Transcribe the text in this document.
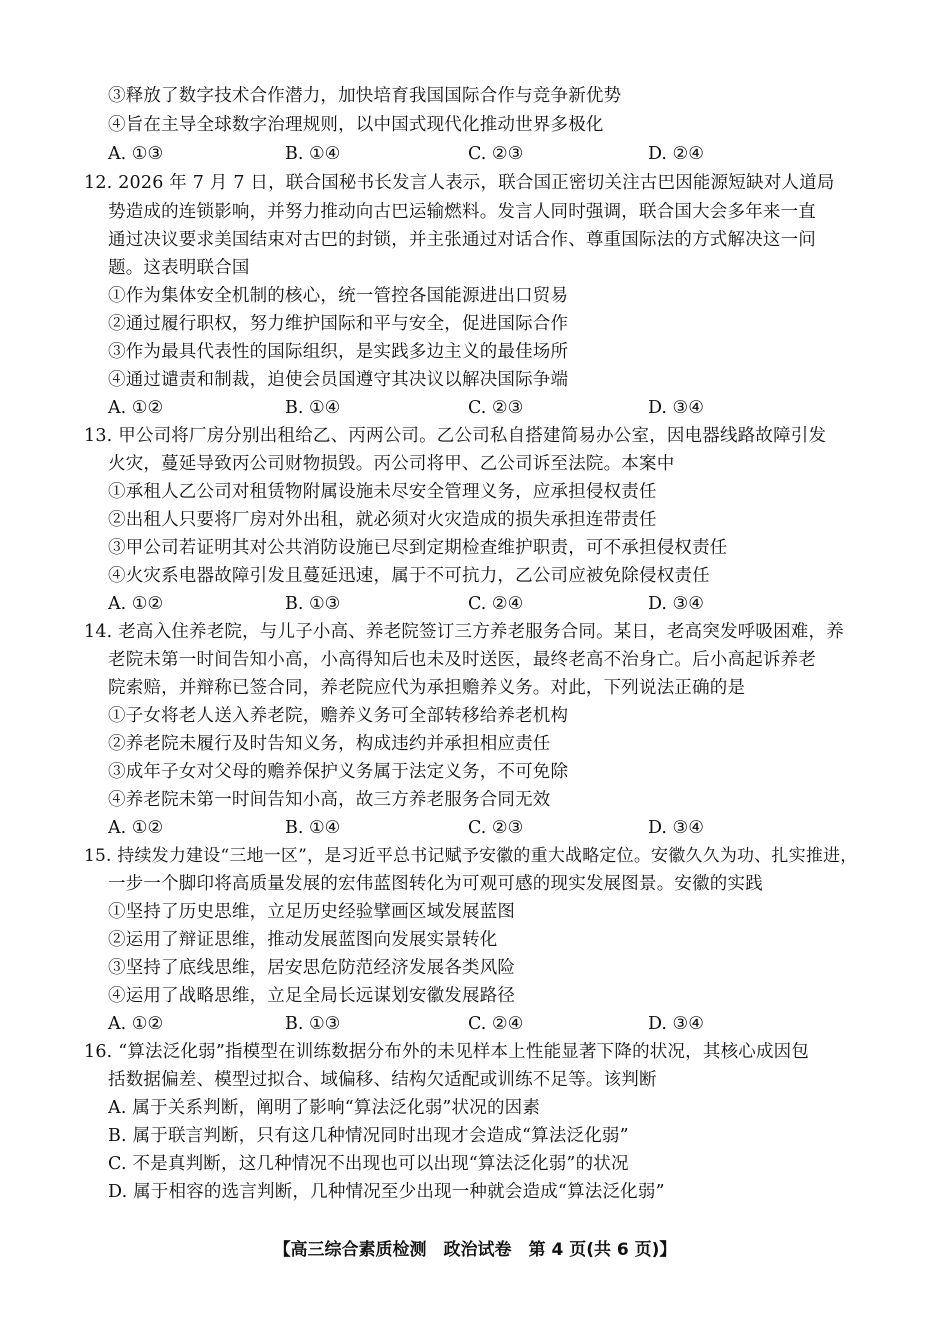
③释放了数字技术合作潜力，加快培育我国国际合作与竞争新优势
④旨在主导全球数字治理规则，以中国式现代化推动世界多极化
A. ①③	B. ①④	C. ②③	D. ②④
12. 2026 年 7 月 7 日，联合国秘书长发言人表示，联合国正密切关注古巴因能源短缺对人道局
势造成的连锁影响，并努力推动向古巴运输燃料。发言人同时强调，联合国大会多年来一直
通过决议要求美国结束对古巴的封锁，并主张通过对话合作、尊重国际法的方式解决这一问
题。这表明联合国
①作为集体安全机制的核心，统一管控各国能源进出口贸易
②通过履行职权，努力维护国际和平与安全，促进国际合作
③作为最具代表性的国际组织，是实践多边主义的最佳场所
④通过谴责和制裁，迫使会员国遵守其决议以解决国际争端
A. ①②	B. ①④	C. ②③	D. ③④
13. 甲公司将厂房分别出租给乙、丙两公司。乙公司私自搭建简易办公室，因电器线路故障引发
火灾，蔓延导致丙公司财物损毁。丙公司将甲、乙公司诉至法院。本案中
①承租人乙公司对租赁物附属设施未尽安全管理义务，应承担侵权责任
②出租人只要将厂房对外出租，就必须对火灾造成的损失承担连带责任
③甲公司若证明其对公共消防设施已尽到定期检查维护职责，可不承担侵权责任
④火灾系电器故障引发且蔓延迅速，属于不可抗力，乙公司应被免除侵权责任
A. ①②	B. ①③	C. ②④	D. ③④
14. 老高入住养老院，与儿子小高、养老院签订三方养老服务合同。某日，老高突发呼吸困难，养
老院未第一时间告知小高，小高得知后也未及时送医，最终老高不治身亡。后小高起诉养老
院索赔，并辩称已签合同，养老院应代为承担赡养义务。对此，下列说法正确的是
①子女将老人送入养老院，赡养义务可全部转移给养老机构
②养老院未履行及时告知义务，构成违约并承担相应责任
③成年子女对父母的赡养保护义务属于法定义务，不可免除
④养老院未第一时间告知小高，故三方养老服务合同无效
A. ①②	B. ①④	C. ②③	D. ③④
15. 持续发力建设“三地一区”，是习近平总书记赋予安徽的重大战略定位。安徽久久为功、扎实推进，
一步一个脚印将高质量发展的宏伟蓝图转化为可观可感的现实发展图景。安徽的实践
①坚持了历史思维，立足历史经验擘画区域发展蓝图
②运用了辩证思维，推动发展蓝图向发展实景转化
③坚持了底线思维，居安思危防范经济发展各类风险
④运用了战略思维，立足全局长远谋划安徽发展路径
A. ①②	B. ①③	C. ②④	D. ③④
16. “算法泛化弱”指模型在训练数据分布外的未见样本上性能显著下降的状况，其核心成因包
括数据偏差、模型过拟合、域偏移、结构欠适配或训练不足等。该判断
A. 属于关系判断，阐明了影响“算法泛化弱”状况的因素
B. 属于联言判断，只有这几种情况同时出现才会造成“算法泛化弱”
C. 不是真判断，这几种情况不出现也可以出现“算法泛化弱”的状况
D. 属于相容的选言判断，几种情况至少出现一种就会造成“算法泛化弱”
【高三综合素质检测　政治试卷　第 4 页(共 6 页)】
